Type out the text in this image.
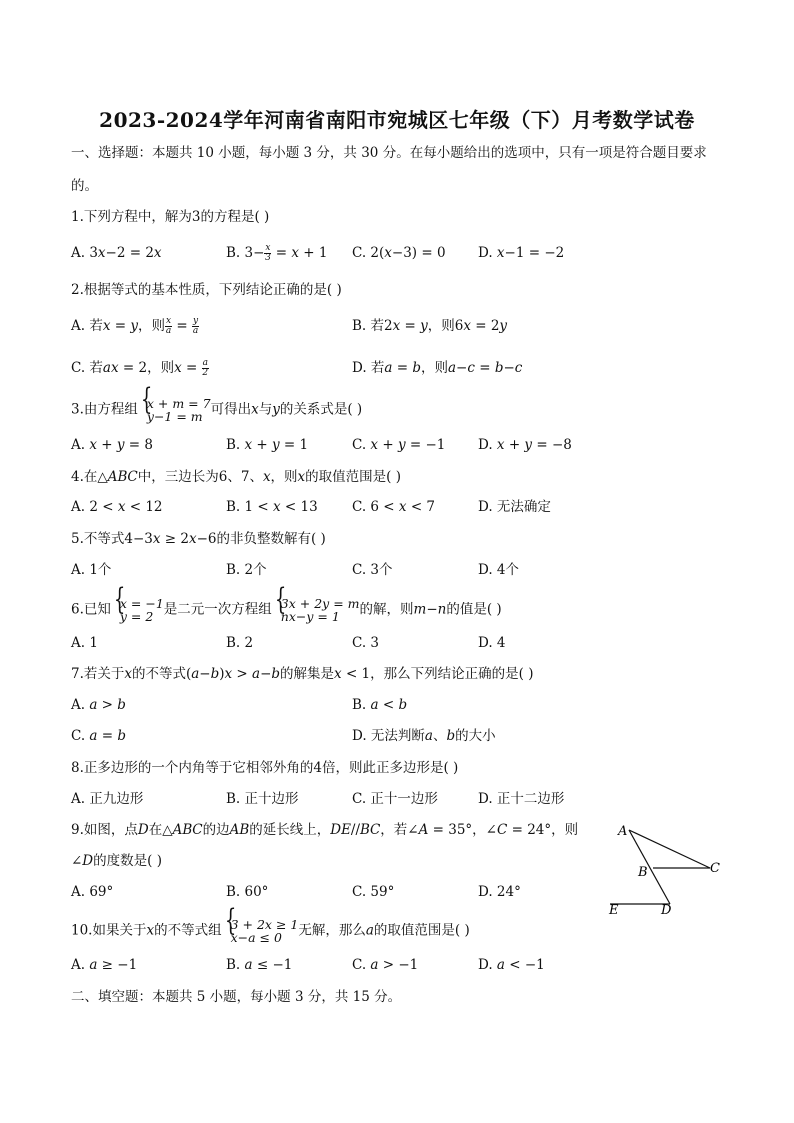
2023-2024学年河南省南阳市宛城区七年级（下）月考数学试卷
一、选择题：本题共 10 小题，每小题 3 分，共 30 分。在每小题给出的选项中，只有一项是符合题目要求
的。
1.下列方程中，解为3的方程是( )
A. 3𝑥−2 = 2𝑥	B. $3- \frac{x}{3}$ = 𝑥 + 1 C. 2(𝑥−3) = 0 D. 𝑥−1 = −2
2.根据等式的基本性质，下列结论正确的是( )
A. 若𝑥 = 𝑦，则 $\frac{x}{a} = \frac{y}{a}$	B. 若2𝑥 = 𝑦，则6𝑥 = 2𝑦
C. 若𝑎𝑥 = 2，则𝑥 = $\frac{a}{2}$	D. 若𝑎 = 𝑏，则𝑎−𝑐 = 𝑏−𝑐
3.由方程组 { 𝑥 + 𝑚 = 7
𝑦−1 = 𝑚 可得出𝑥与𝑦的关系式是( )
A. 𝑥 + 𝑦 = 8	B. 𝑥 + 𝑦 = 1	C. 𝑥 + 𝑦 = −1 D. 𝑥 + 𝑦 = −8
4.在△𝐴𝐵𝐶中，三边长为6、7、𝑥，则𝑥的取值范围是( )
A. 2 < 𝑥 < 12	B. 1 < 𝑥 < 13	C. 6 < 𝑥 < 7	D. 无法确定
5.不等式4−3𝑥 ≥ 2𝑥−6的非负整数解有( )
A. 1个	B. 2个	C. 3个	D. 4个
6.已知 { 𝑥 = −1
𝑦 = 2 是二元一次方程组 { 3𝑥 + 2𝑦 = 𝑚
𝑛𝑥−𝑦 = 1	的解，则𝑚−𝑛的值是( )
A. 1	B. 2	C. 3	D. 4
7.若关于𝑥的不等式(𝑎−𝑏)𝑥 > 𝑎−𝑏的解集是𝑥 < 1，那么下列结论正确的是( )
A. 𝑎 > 𝑏	B. 𝑎 < 𝑏
C. 𝑎 = 𝑏	D. 无法判断𝑎、𝑏的大小
8.正多边形的一个内角等于它相邻外角的4倍，则此正多边形是( )
A. 正九边形	B. 正十边形	C. 正十一边形	D. 正十二边形
9.如图，点𝐷在△𝐴𝐵𝐶的边𝐴𝐵的延长线上，𝐷𝐸//𝐵𝐶，若∠𝐴 = 35°，∠𝐶 = 24°，则
∠𝐷的度数是( )
A. 69°	B. 60°	C. 59°	D. 24°
A
B	C
E	D
10.如果关于𝑥的不等式组 { 3 + 2𝑥 ≥ 1
𝑥−𝑎 ≤ 0	无解，那么𝑎的取值范围是( )
A. 𝑎 ≥ −1	B. 𝑎 ≤ −1	C. 𝑎 > −1	D. 𝑎 < −1
二、填空题：本题共 5 小题，每小题 3 分，共 15 分。
